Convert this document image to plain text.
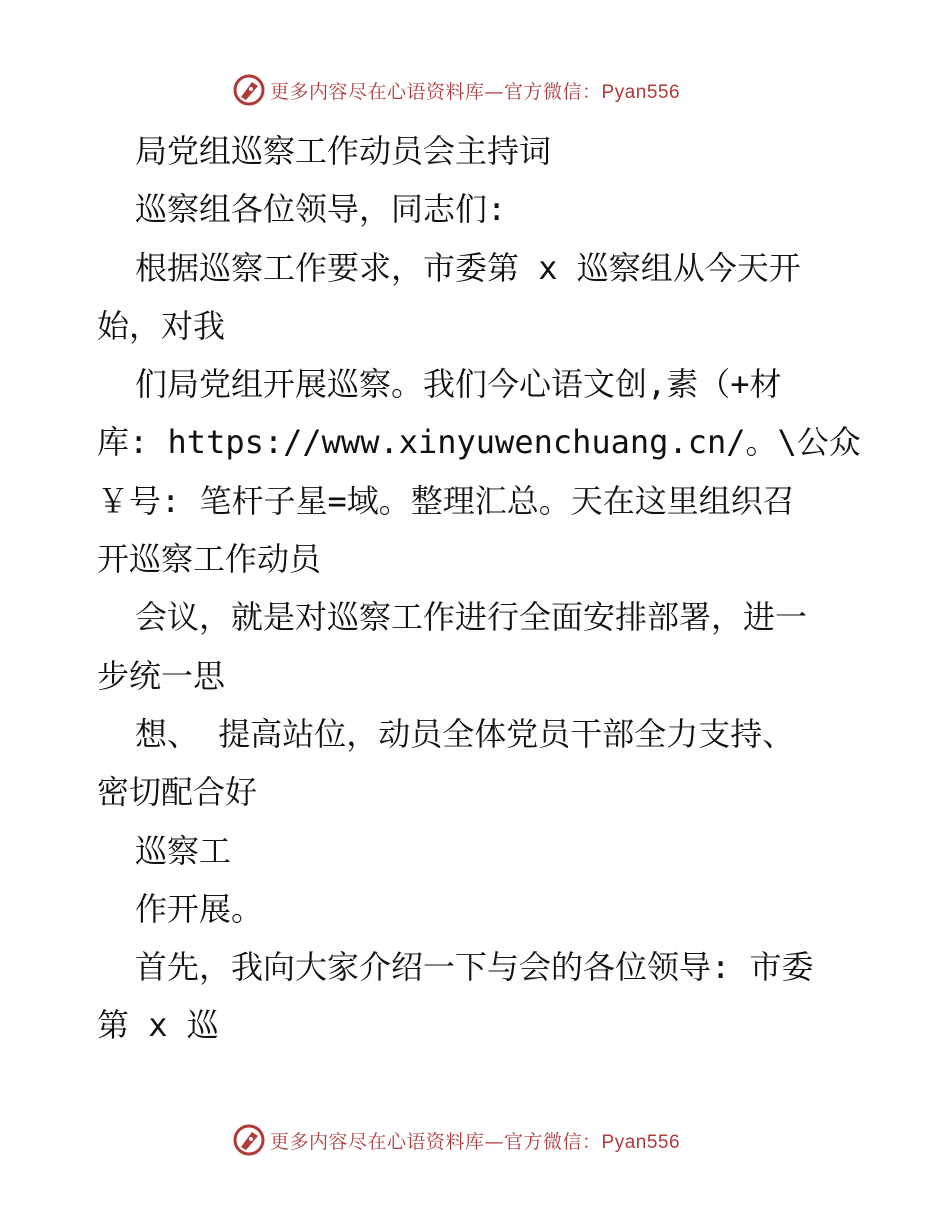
更多内容尽在心语资料库—官方微信：Pyan556
局党组巡察工作动员会主持词
巡察组各位领导，同志们:
根据巡察工作要求，市委第 x 巡察组从今天开
始，对我
们局党组开展巡察。我们今心语文创,素（+材
库: https://www.xinyuwenchuang.cn/。\公众
￥号: 笔杆子星=域。整理汇总。天在这里组织召
开巡察工作动员
会议，就是对巡察工作进行全面安排部署，进一
步统一思
想、 提高站位，动员全体党员干部全力支持、
密切配合好
巡察工
作开展。
首先，我向大家介绍一下与会的各位领导: 市委
第 x 巡
更多内容尽在心语资料库—官方微信：Pyan556
